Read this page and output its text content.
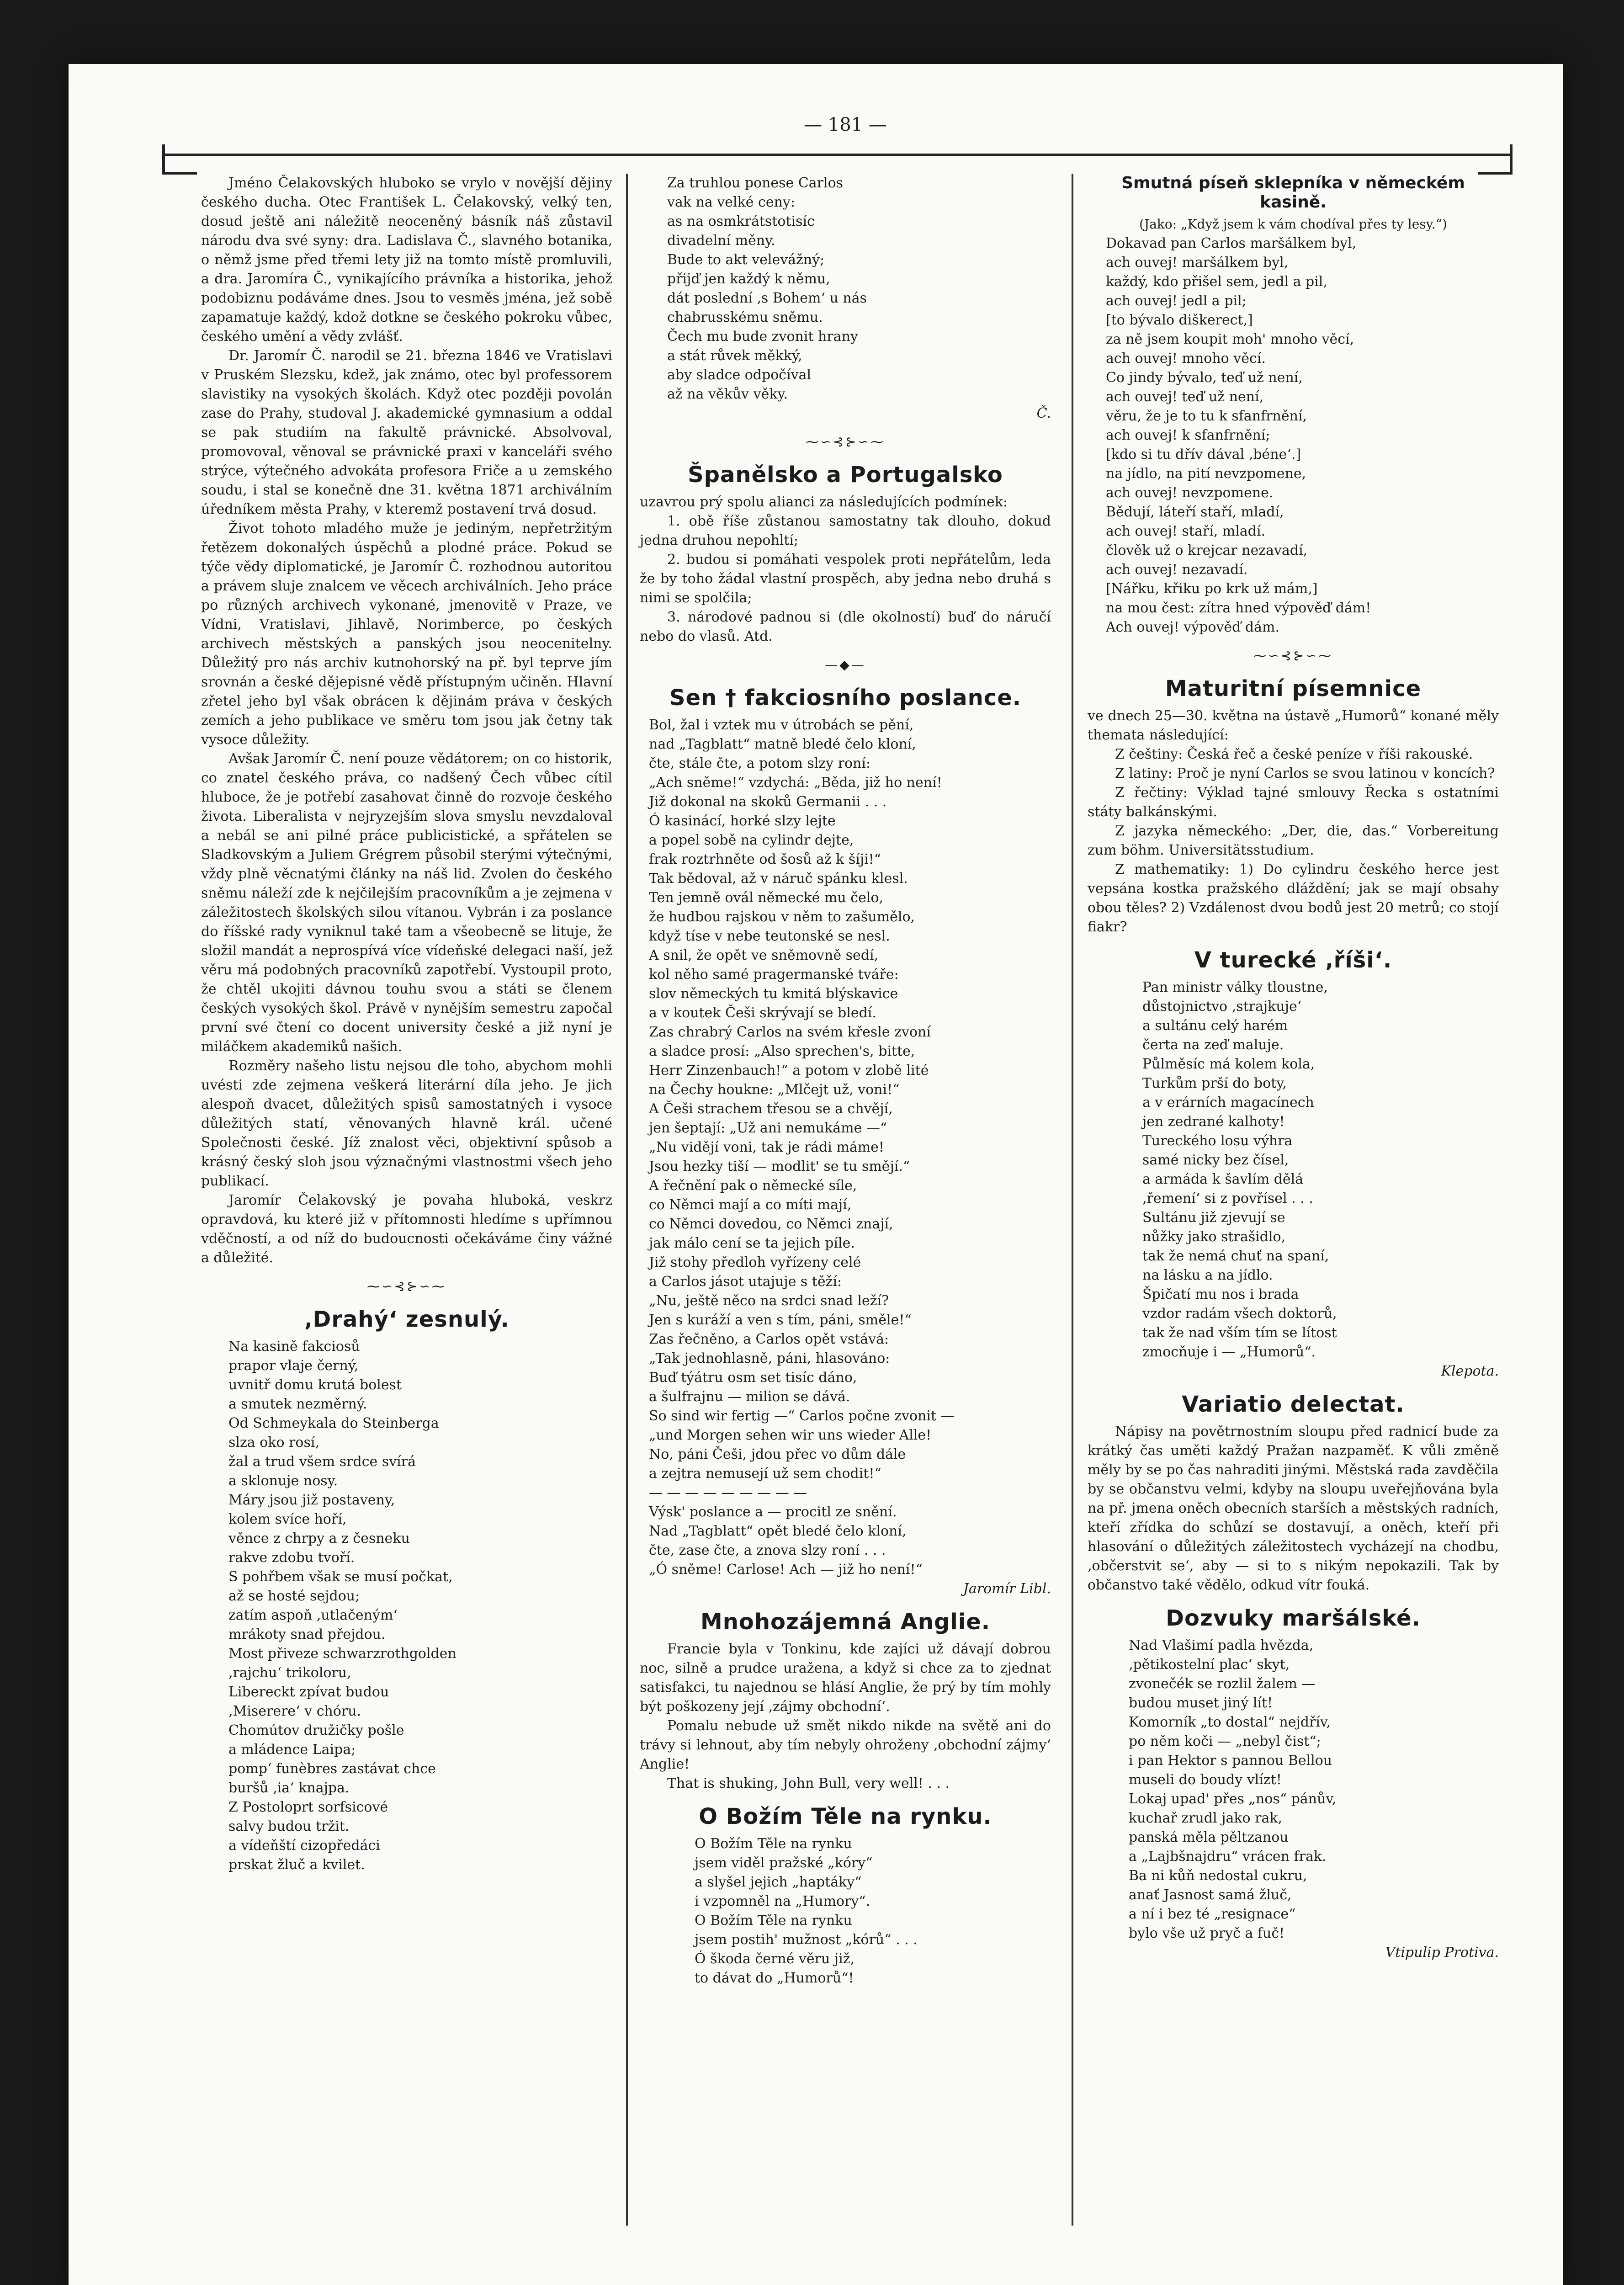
— 181 —

Jméno Čelakovských hluboko se vrylo v novější dějiny českého ducha. Otec František L. Čelakovský, velký ten, dosud ještě ani náležitě neoceněný básník náš zůstavil národu dva své syny: dra. Ladislava Č., slavného botanika, o němž jsme před třemi lety již na tomto místě promluvili, a dra. Jaromíra Č., vynikajícího právníka a historika, jehož podobiznu podáváme dnes. Jsou to vesměs jména, jež sobě zapamatuje každý, kdož dotkne se českého pokroku vůbec, českého umění a vědy zvlášť.

Dr. Jaromír Č. narodil se 21. března 1846 ve Vratislavi v Pruském Slezsku, kdež, jak známo, otec byl professorem slavistiky na vysokých školách. Když otec později povolán zase do Prahy, studoval J. akademické gymnasium a oddal se pak studiím na fakultě právnické. Absolvoval, promovoval, věnoval se právnické praxi v kanceláři svého strýce, výtečného advokáta profesora Friče a u zemského soudu, i stal se konečně dne 31. května 1871 archiválním úředníkem města Prahy, v kteremž postavení trvá dosud.

Život tohoto mladého muže je jediným, nepřetržitým řetězem dokonalých úspěchů a plodné práce. Pokud se týče vědy diplomatické, je Jaromír Č. rozhodnou autoritou a právem sluje znalcem ve věcech archiválních. Jeho práce po různých archivech vykonané, jmenovitě v Praze, ve Vídni, Vratislavi, Jihlavě, Norimberce, po českých archivech městských a panských jsou neocenitelny. Důležitý pro nás archiv kutnohorský na př. byl teprve jím srovnán a české dějepisné vědě přístupným učiněn. Hlavní zřetel jeho byl však obrácen k dějinám práva v českých zemích a jeho publikace ve směru tom jsou jak četny tak vysoce důležity.

Avšak Jaromír Č. není pouze vědátorem; on co historik, co znatel českého práva, co nadšený Čech vůbec cítil hluboce, že je potřebí zasahovat činně do rozvoje českého života. Liberalista v nejryzejším slova smyslu nevzdaloval a nebál se ani pilné práce publicistické, a spřátelen se Sladkovským a Juliem Grégrem působil sterými výtečnými, vždy plně věcnatými články na náš lid. Zvolen do českého sněmu náleží zde k nejčilejším pracovníkům a je zejmena v záležitostech školských silou vítanou. Vybrán i za poslance do říšské rady vyniknul také tam a všeobecně se lituje, že složil mandát a neprospívá více vídeňské delegaci naší, jež věru má podobných pracovníků zapotřebí. Vystoupil proto, že chtěl ukojiti dávnou touhu svou a státi se členem českých vysokých škol. Právě v nynějším semestru započal první své čtení co docent university české a již nyní je miláčkem akademiků našich.

Rozměry našeho listu nejsou dle toho, abychom mohli uvésti zde zejmena veškerá literární díla jeho. Je jich alespoň dvacet, důležitých spisů samostatných i vysoce důležitých statí, věnovaných hlavně král. učené Společnosti české. Jíž znalost věci, objektivní spůsob a krásný český sloh jsou význačnými vlastnostmi všech jeho publikací.

Jaromír Čelakovský je povaha hluboká, veskrz opravdová, ku které již v přítomnosti hledíme s upřímnou vděčností, a od níž do budoucnosti očekáváme činy vážné a důležité.

⁓∽⊰⊱∽⁓
‚Drahý‘ zesnulý.
Na kasině fakciosů
prapor vlaje černý,
uvnitř domu krutá bolest
a smutek nezměrný.
Od Schmeykala do Steinberga
slza oko rosí,
žal a trud všem srdce svírá
a sklonuje nosy.
Máry jsou již postaveny,
kolem svíce hoří,
věnce z chrpy a z česneku
rakve zdobu tvoří.
S pohřbem však se musí počkat,
až se hosté sejdou;
zatím aspoň ‚utlačeným‘
mrákoty snad přejdou.
Most přiveze schwarzrothgolden
‚rajchu‘ trikoloru,
Libereckt zpívat budou
‚Miserere‘ v chóru.
Chomútov družičky pošle
a mládence Laipa;
pomp‘ funèbres zastávat chce
buršů ‚ia‘ knajpa.
Z Postoloprt sorfsicové
salvy budou tržit.
a vídeňští cizopředáci
prskat žluč a kvilet.
Za truhlou ponese Carlos
vak na velké ceny:
as na osmkrátstotisíc
divadelní měny.
Bude to akt velevážný;
přijď jen každý k němu,
dát poslední ‚s Bohem‘ u nás
chabrusskému sněmu.
Čech mu bude zvonit hrany
a stát růvek měkký,
aby sladce odpočíval
až na věkův věky.
Č.
⁓∽⊰⊱∽⁓
Španělsko a Portugalsko

uzavrou prý spolu alianci za následujících podmínek:

1. obě říše zůstanou samostatny tak dlouho, dokud jedna druhou nepohltí;

2. budou si pomáhati vespolek proti nepřátelům, leda že by toho žádal vlastní prospěch, aby jedna nebo druhá s nimi se spolčila;

3. národové padnou si (dle okolností) buď do náručí nebo do vlasů. Atd.

—◆—
Sen † fakciosního poslance.
Bol, žal i vztek mu v útrobách se pění,
nad „Tagblatt“ matně bledé čelo kloní,
čte, stále čte, a potom slzy roní:
„Ach sněme!“ vzdychá: „Běda, již ho není!
Již dokonal na skoků Germanii . . .
Ó kasinácí, horké slzy lejte
a popel sobě na cylindr dejte,
frak roztrhněte od šosů až k šíji!“
Tak bědoval, až v náruč spánku klesl.
Ten jemně ovál německé mu čelo,
že hudbou rajskou v něm to zašumělo,
když tíse v nebe teutonské se nesl.
A snil, že opět ve sněmovně sedí,
kol něho samé pragermanské tváře:
slov německých tu kmitá blýskavice
a v koutek Češi skrývají se bledí.
Zas chrabrý Carlos na svém křesle zvoní
a sladce prosí: „Also sprechen's, bitte,
Herr Zinzenbauch!“ a potom v zlobě lité
na Čechy houkne: „Mlčejt už, voni!“
A Češi strachem třesou se a chvějí,
jen šeptají: „Už ani nemukáme —“
„Nu vidějí voni, tak je rádi máme!
Jsou hezky tiší — modlit' se tu smějí.“
A řečnění pak o německé síle,
co Němci mají a co míti mají,
co Němci dovedou, co Němci znají,
jak málo cení se ta jejich píle.
Již stohy předloh vyřízeny celé
a Carlos jásot utajuje s těží:
„Nu, ještě něco na srdci snad leží?
Jen s kuráží a ven s tím, páni, směle!“
Zas řečněno, a Carlos opět vstává:
„Tak jednohlasně, páni, hlasováno:
Buď týátru osm set tisíc dáno,
a šulfrajnu — milion se dává.
So sind wir fertig —“ Carlos počne zvonit —
„und Morgen sehen wir uns wieder Alle!
No, páni Češi, jdou přec vo dům dále
a zejtra nemusejí už sem chodit!“
— — — — — — — — —
Výsk' poslance a — procitl ze snění.
Nad „Tagblatt“ opět bledé čelo kloní,
čte, zase čte, a znova slzy roní . . .
„Ó sněme! Carlose! Ach — již ho není!“
Jaromír Libl.
Mnohozájemná Anglie.

Francie byla v Tonkinu, kde zajíci už dávají dobrou noc, silně a prudce uražena, a když si chce za to zjednat satisfakci, tu najednou se hlásí Anglie, že prý by tím mohly být poškozeny její ‚zájmy obchodní‘.

Pomalu nebude už smět nikdo nikde na světě ani do trávy si lehnout, aby tím nebyly ohroženy ‚obchodní zájmy‘ Anglie!

That is shuking, John Bull, very well! . . .

O Božím Těle na rynku.
O Božím Těle na rynku
jsem viděl pražské „kóry“
a slyšel jejich „haptáky“
i vzpomněl na „Humory“.
O Božím Těle na rynku
jsem postih' mužnost „kórů“ . . .
Ó škoda černé věru již,
to dávat do „Humorů“!
Smutná píseň sklepníka v německém kasině.
(Jako: „Když jsem k vám chodíval přes ty lesy.“)
Dokavad pan Carlos maršálkem byl,
ach ouvej! maršálkem byl,
každý, kdo přišel sem, jedl a pil,
ach ouvej! jedl a pil;
[to bývalo diškerect,]
za ně jsem koupit moh' mnoho věcí,
ach ouvej! mnoho věcí.
Co jindy bývalo, teď už není,
ach ouvej! teď už není,
věru, že je to tu k sfanfrnění,
ach ouvej! k sfanfrnění;
[kdo si tu dřív dával ‚béne‘.]
na jídlo, na pití nevzpomene,
ach ouvej! nevzpomene.
Bědují, láteří staří, mladí,
ach ouvej! staří, mladí.
člověk už o krejcar nezavadí,
ach ouvej! nezavadí.
[Nářku, křiku po krk už mám,]
na mou čest: zítra hned výpověď dám!
Ach ouvej! výpověď dám.
⁓∽⊰⊱∽⁓
Maturitní písemnice

ve dnech 25—30. května na ústavě „Humorů“ konané měly themata následující:

Z češtiny: Česká řeč a české peníze v říši rakouské.

Z latiny: Proč je nyní Carlos se svou latinou v koncích?

Z řečtiny: Výklad tajné smlouvy Řecka s ostatními státy balkánskými.

Z jazyka německého: „Der, die, das.“ Vorbereitung zum böhm. Universitätsstudium.

Z mathematiky: 1) Do cylindru českého herce jest vepsána kostka pražského dláždění; jak se mají obsahy obou těles? 2) Vzdálenost dvou bodů jest 20 metrů; co stojí fiakr?

V turecké ‚říši‘.
Pan ministr války tloustne,
důstojnictvo ‚strajkuje‘
a sultánu celý harém
čerta na zeď maluje.
Půlměsíc má kolem kola,
Turkům prší do boty,
a v erárních magacínech
jen zedrané kalhoty!
Tureckého losu výhra
samé nicky bez čísel,
a armáda k šavlím dělá
‚řemení‘ si z povřísel . . .
Sultánu již zjevují se
nůžky jako strašidlo,
tak že nemá chuť na spaní,
na lásku a na jídlo.
Špičatí mu nos i brada
vzdor radám všech doktorů,
tak že nad vším tím se lítost
zmocňuje i — „Humorů“.
Klepota.
Variatio delectat.

Nápisy na povětrnostním sloupu před radnicí bude za krátký čas uměti každý Pražan nazpaměť. K vůli změně měly by se po čas nahraditi jinými. Městská rada zavděčila by se občanstvu velmi, kdyby na sloupu uveřejňována byla na př. jmena oněch obecních starších a městských radních, kteří zřídka do schůzí se dostavují, a oněch, kteří při hlasování o důležitých záležitostech vycházejí na chodbu, ‚občerstvit se‘, aby — si to s nikým nepokazili. Tak by občanstvo také vědělo, odkud vítr fouká.

Dozvuky maršálské.
Nad Vlašimí padla hvězda,
‚pětikostelní plac‘ skyt,
zvonečék se rozlil žalem —
budou muset jiný lít!
Komorník „to dostal“ nejdřív,
po něm koči — „nebyl čist“;
i pan Hektor s pannou Bellou
museli do boudy vlízt!
Lokaj upad' přes „nos“ pánův,
kuchař zrudl jako rak,
panská měla pěltzanou
a „Lajbšnajdru“ vrácen frak.
Ba ni kůň nedostal cukru,
anať Jasnost samá žluč,
a ní i bez té „resignace“
bylo vše už pryč a fuč!
Vtipulip Protiva.
